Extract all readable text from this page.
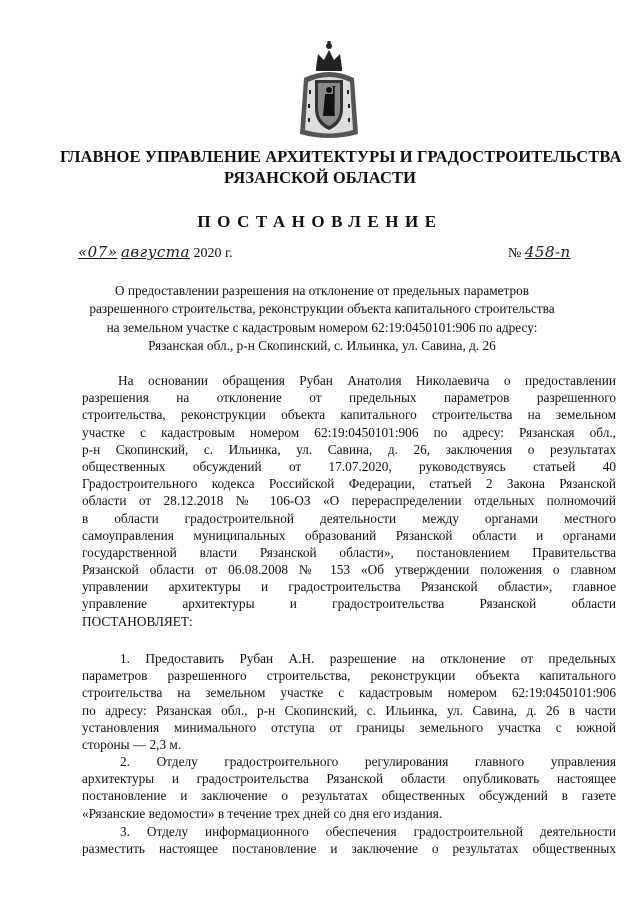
ГЛАВНОЕ УПРАВЛЕНИЕ АРХИТЕКТУРЫ И ГРАДОСТРОИТЕЛЬСТВА
РЯЗАНСКОЙ ОБЛАСТИ
ПОСТАНОВЛЕНИЕ
«07» августа 2020 г.	№ 458-п
О предоставлении разрешения на отклонение от предельных параметров
разрешенного строительства, реконструкции объекта капитального строительства
на земельном участке с кадастровым номером 62:19:0450101:906 по адресу:
Рязанская обл., р-н Скопинский, с. Ильинка, ул. Савина, д. 26
На основании обращения Рубан Анатолия Николаевича о предоставлении
разрешения на отклонение от предельных параметров разрешенного
строительства, реконструкции объекта капитального строительства на земельном
участке с кадастровым номером 62:19:0450101:906 по адресу: Рязанская обл.,
р-н Скопинский, с. Ильинка, ул. Савина, д. 26, заключения о результатах
общественных обсуждений от 17.07.2020, руководствуясь статьей 40
Градостроительного кодекса Российской Федерации, статьей 2 Закона Рязанской
области от 28.12.2018 № 106-ОЗ «О перераспределении отдельных полномочий
в области градостроительной деятельности между органами местного
самоуправления муниципальных образований Рязанской области и органами
государственной власти Рязанской области», постановлением Правительства
Рязанской области от 06.08.2008 № 153 «Об утверждении положения о главном
управлении архитектуры и градостроительства Рязанской области», главное
управление архитектуры и градостроительства Рязанской области
ПОСТАНОВЛЯЕТ:
1. Предоставить Рубан А.Н. разрешение на отклонение от предельных
параметров разрешенного строительства, реконструкции объекта капитального
строительства на земельном участке с кадастровым номером 62:19:0450101:906
по адресу: Рязанская обл., р-н Скопинский, с. Ильинка, ул. Савина, д. 26 в части
установления минимального отступа от границы земельного участка с южной
стороны — 2,3 м.
2. Отделу градостроительного регулирования главного управления
архитектуры и градостроительства Рязанской области опубликовать настоящее
постановление и заключение о результатах общественных обсуждений в газете
«Рязанские ведомости» в течение трех дней со дня его издания.
3. Отделу информационного обеспечения градостроительной деятельности
разместить настоящее постановление и заключение о результатах общественных
